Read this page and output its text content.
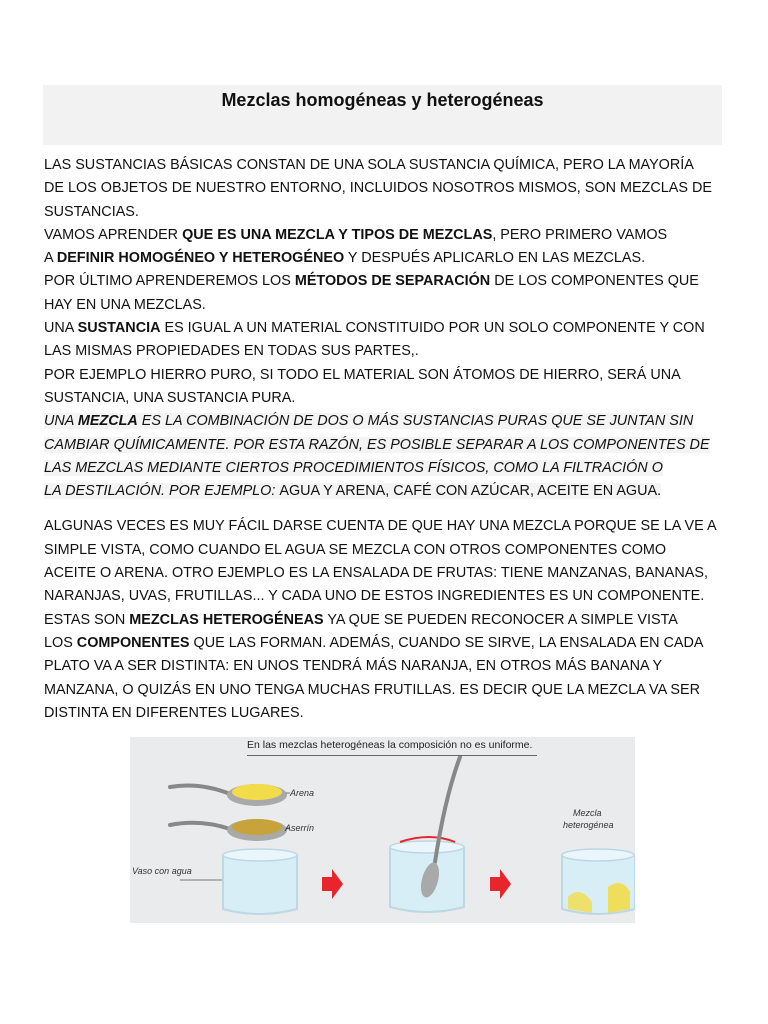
Mezclas homogéneas y heterogéneas

LAS SUSTANCIAS BÁSICAS CONSTAN DE UNA SOLA SUSTANCIA QUÍMICA, PERO LA MAYORÍA

DE LOS OBJETOS DE NUESTRO ENTORNO, INCLUIDOS NOSOTROS MISMOS, SON MEZCLAS DE

SUSTANCIAS.

VAMOS APRENDER QUE ES UNA MEZCLA Y TIPOS DE MEZCLAS, PERO PRIMERO VAMOS

A DEFINIR HOMOGÉNEO Y HETEROGÉNEO Y DESPUÉS APLICARLO EN LAS MEZCLAS.

POR ÚLTIMO APRENDEREMOS LOS MÉTODOS DE SEPARACIÓN DE LOS COMPONENTES QUE

HAY EN UNA MEZCLAS.

UNA SUSTANCIA ES IGUAL A UN MATERIAL CONSTITUIDO POR UN SOLO COMPONENTE Y CON

LAS MISMAS PROPIEDADES EN TODAS SUS PARTES,.

POR EJEMPLO HIERRO PURO, SI TODO EL MATERIAL SON ÁTOMOS DE HIERRO, SERÁ UNA

SUSTANCIA, UNA SUSTANCIA PURA.

UNA MEZCLA ES LA COMBINACIÓN DE DOS O MÁS SUSTANCIAS PURAS QUE SE JUNTAN SIN

CAMBIAR QUÍMICAMENTE. POR ESTA RAZÓN, ES POSIBLE SEPARAR A LOS COMPONENTES DE

LAS MEZCLAS MEDIANTE CIERTOS PROCEDIMIENTOS FÍSICOS, COMO LA FILTRACIÓN O

LA DESTILACIÓN. POR EJEMPLO: AGUA Y ARENA, CAFÉ CON AZÚCAR, ACEITE EN AGUA.

ALGUNAS VECES ES MUY FÁCIL DARSE CUENTA DE QUE HAY UNA MEZCLA PORQUE SE LA VE A

SIMPLE VISTA, COMO CUANDO EL AGUA SE MEZCLA CON OTROS COMPONENTES COMO

ACEITE O ARENA. OTRO EJEMPLO ES LA ENSALADA DE FRUTAS: TIENE MANZANAS, BANANAS,

NARANJAS, UVAS, FRUTILLAS... Y CADA UNO DE ESTOS INGREDIENTES ES UN COMPONENTE.

ESTAS SON MEZCLAS HETEROGÉNEAS YA QUE SE PUEDEN RECONOCER A SIMPLE VISTA

LOS COMPONENTES QUE LAS FORMAN. ADEMÁS, CUANDO SE SIRVE, LA ENSALADA EN CADA

PLATO VA A SER DISTINTA: EN UNOS TENDRÁ MÁS NARANJA, EN OTROS MÁS BANANA Y

MANZANA, O QUIZÁS EN UNO TENGA MUCHAS FRUTILLAS. ES DECIR QUE LA MEZCLA VA SER

DISTINTA EN DIFERENTES LUGARES.

En las mezclas heterogéneas la composición no es uniforme.
Arena
Aserrín
Vaso con agua
Mezcla
heterogénea
